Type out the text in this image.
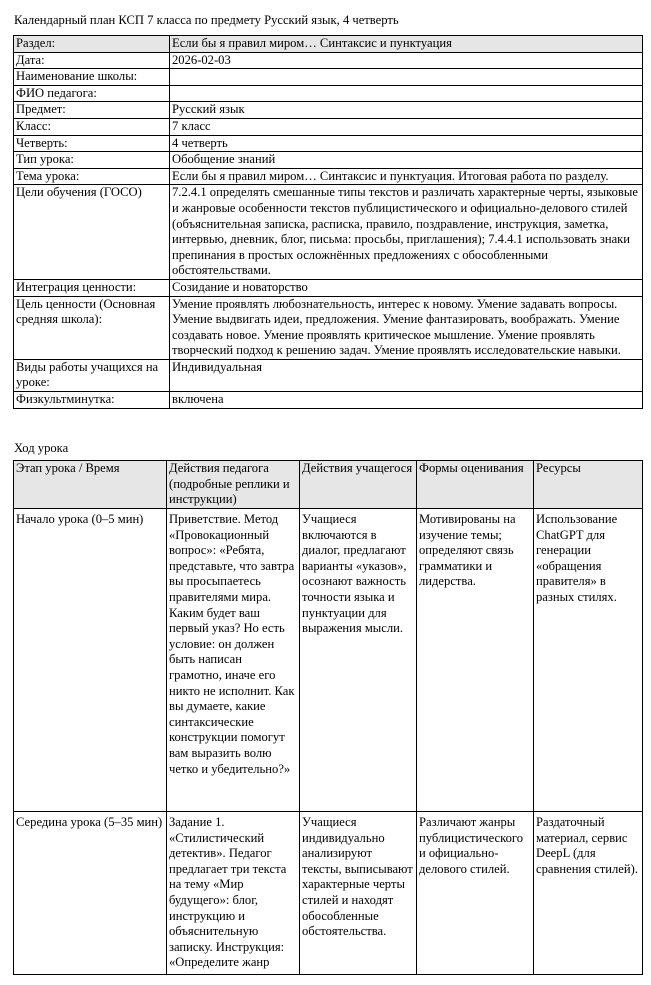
Календарный план КСП 7 класса по предмету Русский язык, 4 четверть
Раздел:	Если бы я правил миром… Синтаксис и пунктуация
Дата:	2026-02-03
Наименование школы:	
ФИО педагога:	
Предмет:	Русский язык
Класс:	7 класс
Четверть:	4 четверть
Тип урока:	Обобщение знаний
Тема урока:	Если бы я правил миром… Синтаксис и пунктуация. Итоговая работа по разделу.
Цели обучения (ГОСО)	7.2.4.1 определять смешанные типы текстов и различать характерные черты, языковые и жанровые особенности текстов публицистического и официально-делового стилей (объяснительная записка, расписка, правило, поздравление, инструкция, заметка, интервью, дневник, блог, письма: просьбы, приглашения); 7.4.4.1 использовать знаки препинания в простых осложнённых предложениях с обособленными обстоятельствами.
Интеграция ценности:	Созидание и новаторство
Цель ценности (Основная средняя школа):	Умение проявлять любознательность, интерес к новому. Умение задавать вопросы. Умение выдвигать идеи, предложения. Умение фантазировать, воображать. Умение создавать новое. Умение проявлять критическое мышление. Умение проявлять творческий подход к решению задач. Умение проявлять исследовательские навыки.
Виды работы учащихся на уроке:	Индивидуальная
Физкультминутка:	включена
Ход урока
Этап урока / Время	Действия педагога (подробные реплики и инструкции)	Действия учащегося	Формы оценивания	Ресурсы
Начало урока (0–5 мин)	Приветствие. Метод «Провокационный вопрос»: «Ребята, представьте, что завтра вы просыпаетесь правителями мира. Каким будет ваш первый указ? Но есть условие: он должен быть написан грамотно, иначе его никто не исполнит. Как вы думаете, какие синтаксические конструкции помогут вам выразить волю четко и убедительно?»	Учащиеся включаются в диалог, предлагают варианты «указов», осознают важность точности языка и пунктуации для выражения мысли.	Мотивированы на изучение темы; определяют связь грамматики и лидерства.	Использование ChatGPT для генерации «обращения правителя» в разных стилях.
Середина урока (5–35 мин)	Задание 1. «Стилистический детектив». Педагог предлагает три текста на тему «Мир будущего»: блог, инструкцию и объяснительную записку. Инструкция: «Определите жанр	Учащиеся индивидуально анализируют тексты, выписывают характерные черты стилей и находят обособленные обстоятельства.	Различают жанры публицистического и официально-делового стилей.	Раздаточный материал, сервис DeepL (для сравнения стилей).
